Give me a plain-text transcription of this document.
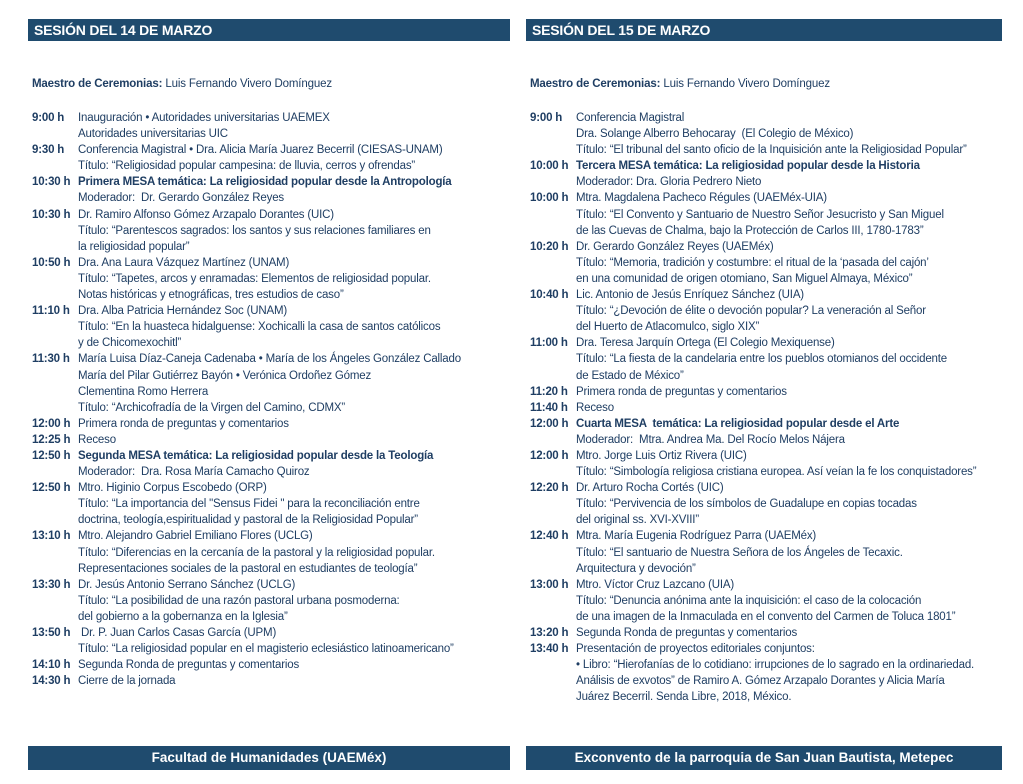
SESIÓN DEL 14 DE MARZO	SESIÓN DEL 15 DE MARZO
Maestro de Ceremonias: Luis Fernando Vivero Domínguez	Maestro de Ceremonias: Luis Fernando Vivero Domínguez
9:00 h	Inauguración • Autoridades universitarias UAEMEX
Autoridades universitarias UIC
9:30 h	Conferencia Magistral • Dra. Alicia María Juarez Becerril (CIESAS-UNAM)
Título: “Religiosidad popular campesina: de lluvia, cerros y ofrendas”
10:30 h Primera MESA temática: La religiosidad popular desde la Antropología
Moderador:  Dr. Gerardo González Reyes
10:30 h Dr. Ramiro Alfonso Gómez Arzapalo Dorantes (UIC)
Título: “Parentescos sagrados: los santos y sus relaciones familiares en
la religiosidad popular”
10:50 h Dra. Ana Laura Vázquez Martínez (UNAM)
Título: “Tapetes, arcos y enramadas: Elementos de religiosidad popular.
Notas históricas y etnográficas, tres estudios de caso”
11:10 h Dra. Alba Patricia Hernández Soc (UNAM)
Título: “En la huasteca hidalguense: Xochicalli la casa de santos católicos
y de Chicomexochitl”
11:30 h María Luisa Díaz-Caneja Cadenaba • María de los Ángeles González Callado
María del Pilar Gutiérrez Bayón • Verónica Ordoñez Gómez
Clementina Romo Herrera
Título: “Archicofradía de la Virgen del Camino, CDMX”
12:00 h Primera ronda de preguntas y comentarios
12:25 h Receso
12:50 h Segunda MESA temática: La religiosidad popular desde la Teología
Moderador:  Dra. Rosa María Camacho Quiroz
12:50 h Mtro. Higinio Corpus Escobedo (ORP)
Título: “La importancia del "Sensus Fidei " para la reconciliación entre
doctrina, teología,espiritualidad y pastoral de la Religiosidad Popular”
13:10 h Mtro. Alejandro Gabriel Emiliano Flores (UCLG)
Título: “Diferencias en la cercanía de la pastoral y la religiosidad popular.
Representaciones sociales de la pastoral en estudiantes de teología”
13:30 h Dr. Jesús Antonio Serrano Sánchez (UCLG)
Título: “La posibilidad de una razón pastoral urbana posmoderna:
del gobierno a la gobernanza en la Iglesia”
13:50 h Dr. P. Juan Carlos Casas García (UPM)
Título: “La religiosidad popular en el magisterio eclesiástico latinoamericano”
14:10 h Segunda Ronda de preguntas y comentarios
14:30 h Cierre de la jornada
9:00 h	Conferencia Magistral
Dra. Solange Alberro Behocaray  (El Colegio de México)
Título: “El tribunal del santo oficio de la Inquisición ante la Religiosidad Popular”
10:00 h Tercera MESA temática: La religiosidad popular desde la Historia
Moderador: Dra. Gloria Pedrero Nieto
10:00 h Mtra. Magdalena Pacheco Régules (UAEMéx-UIA)
Título: “El Convento y Santuario de Nuestro Señor Jesucristo y San Miguel
de las Cuevas de Chalma, bajo la Protección de Carlos III, 1780-1783”
10:20 h Dr. Gerardo González Reyes (UAEMéx)
Título: “Memoria, tradición y costumbre: el ritual de la ‘pasada del cajón’
en una comunidad de origen otomiano, San Miguel Almaya, México”
10:40 h Lic. Antonio de Jesús Enríquez Sánchez (UIA)
Título: “¿Devoción de élite o devoción popular? La veneración al Señor
del Huerto de Atlacomulco, siglo XIX”
11:00 h Dra. Teresa Jarquín Ortega (El Colegio Mexiquense)
Título: “La fiesta de la candelaria entre los pueblos otomianos del occidente
de Estado de México”
11:20 h Primera ronda de preguntas y comentarios
11:40 h Receso
12:00 h Cuarta MESA  temática: La religiosidad popular desde el Arte
Moderador:  Mtra. Andrea Ma. Del Rocío Melos Nájera
12:00 h Mtro. Jorge Luis Ortiz Rivera (UIC)
Título: “Simbología religiosa cristiana europea. Así veían la fe los conquistadores”
12:20 h Dr. Arturo Rocha Cortés (UIC)
Título: “Pervivencia de los símbolos de Guadalupe en copias tocadas
del original ss. XVI-XVIII”
12:40 h Mtra. María Eugenia Rodríguez Parra (UAEMéx)
Título: “El santuario de Nuestra Señora de los Ángeles de Tecaxic.
Arquitectura y devoción”
13:00 h Mtro. Víctor Cruz Lazcano (UIA)
Título: “Denuncia anónima ante la inquisición: el caso de la colocación
de una imagen de la Inmaculada en el convento del Carmen de Toluca 1801”
13:20 h Segunda Ronda de preguntas y comentarios
13:40 h Presentación de proyectos editoriales conjuntos:
• Libro: “Hierofanías de lo cotidiano: irrupciones de lo sagrado en la ordinariedad.
Análisis de exvotos” de Ramiro A. Gómez Arzapalo Dorantes y Alicia María
Juárez Becerril. Senda Libre, 2018, México.
Facultad de Humanidades (UAEMéx)	Exconvento de la parroquia de San Juan Bautista, Metepec
